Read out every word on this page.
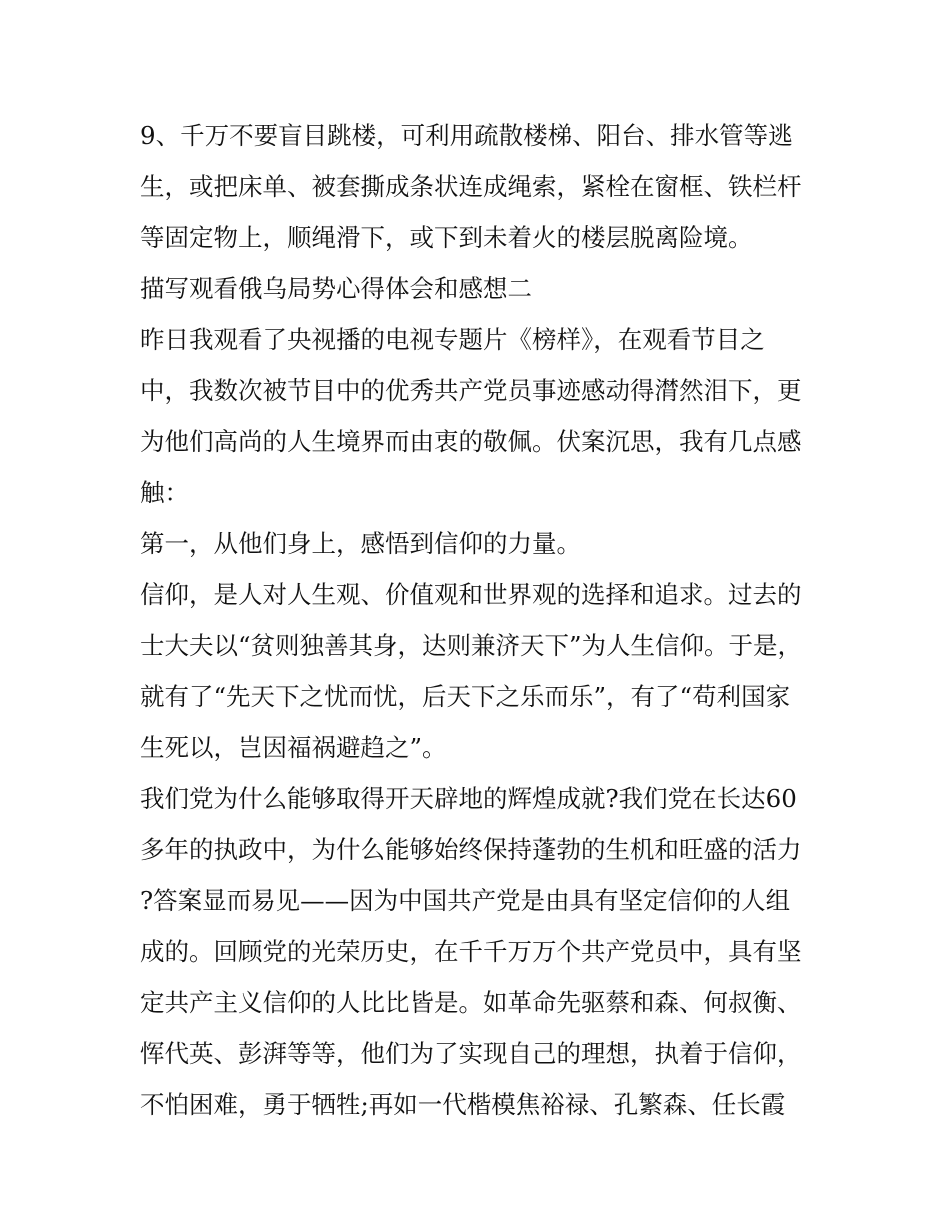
9、千万不要盲目跳楼，可利用疏散楼梯、阳台、排水管等逃
生，或把床单、被套撕成条状连成绳索，紧栓在窗框、铁栏杆
等固定物上，顺绳滑下，或下到未着火的楼层脱离险境。
描写观看俄乌局势心得体会和感想二
昨日我观看了央视播的电视专题片《榜样》，在观看节目之
中，我数次被节目中的优秀共产党员事迹感动得潸然泪下，更
为他们高尚的人生境界而由衷的敬佩。伏案沉思，我有几点感
触：
第一，从他们身上，感悟到信仰的力量。
信仰，是人对人生观、价值观和世界观的选择和追求。过去的
士大夫以“贫则独善其身，达则兼济天下”为人生信仰。于是，
就有了“先天下之忧而忧，后天下之乐而乐”，有了“苟利国家
生死以，岂因福祸避趋之”。
我们党为什么能够取得开天辟地的辉煌成就?我们党在长达60
多年的执政中，为什么能够始终保持蓬勃的生机和旺盛的活力
?答案显而易见——因为中国共产党是由具有坚定信仰的人组
成的。回顾党的光荣历史，在千千万万个共产党员中，具有坚
定共产主义信仰的人比比皆是。如革命先驱蔡和森、何叔衡、
恽代英、彭湃等等，他们为了实现自己的理想，执着于信仰，
不怕困难，勇于牺牲;再如一代楷模焦裕禄、孔繁森、任长霞
